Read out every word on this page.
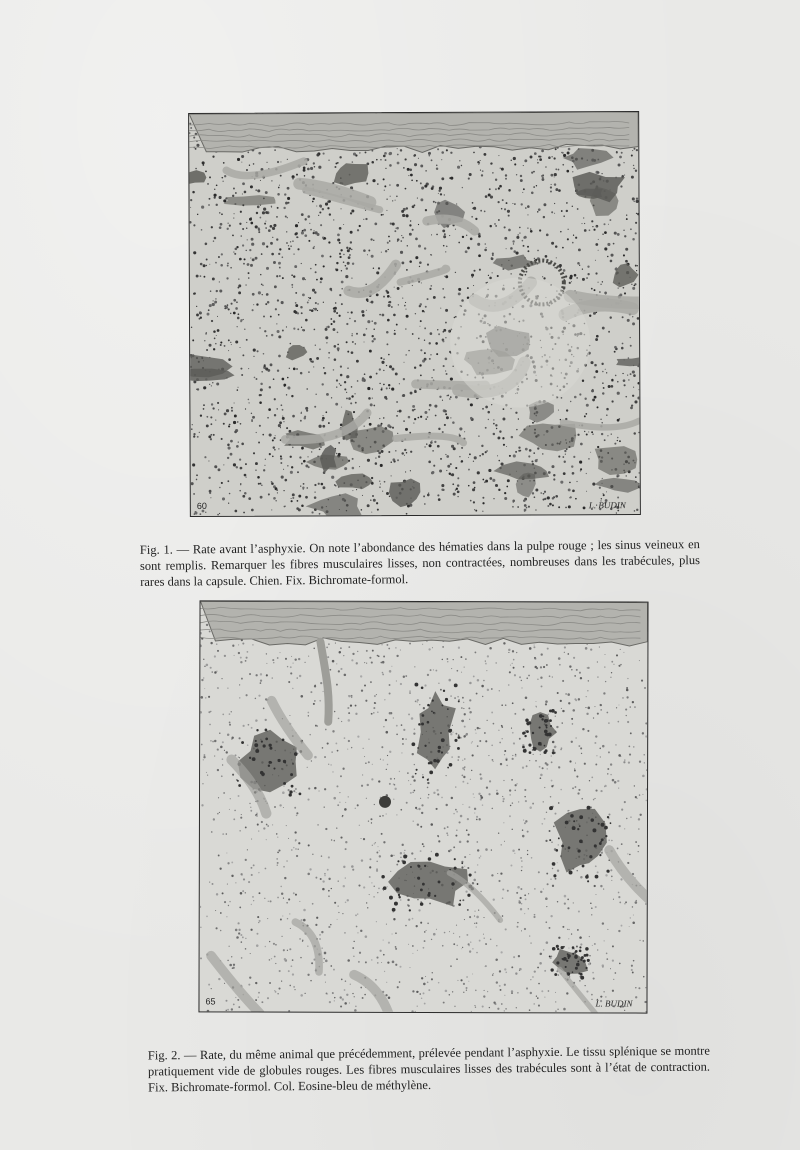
60	L. BUDIN

Fig. 1. — Rate avant l’asphyxie. On note l’abondance des hématies dans la pulpe rouge ; les sinus veineux en sont remplis. Remarquer les fibres musculaires lisses, non contractées, nombreuses dans les trabécules, plus rares dans la capsule. Chien. Fix. Bichromate-formol.

65	L. BUDIN

Fig. 2. — Rate, du même animal que précédemment, prélevée pendant l’asphyxie. Le tissu splénique se montre pratiquement vide de globules rouges. Les fibres musculaires lisses des trabécules sont à l’état de contraction. Fix. Bichromate-formol. Col. Eosine-bleu de méthylène.
